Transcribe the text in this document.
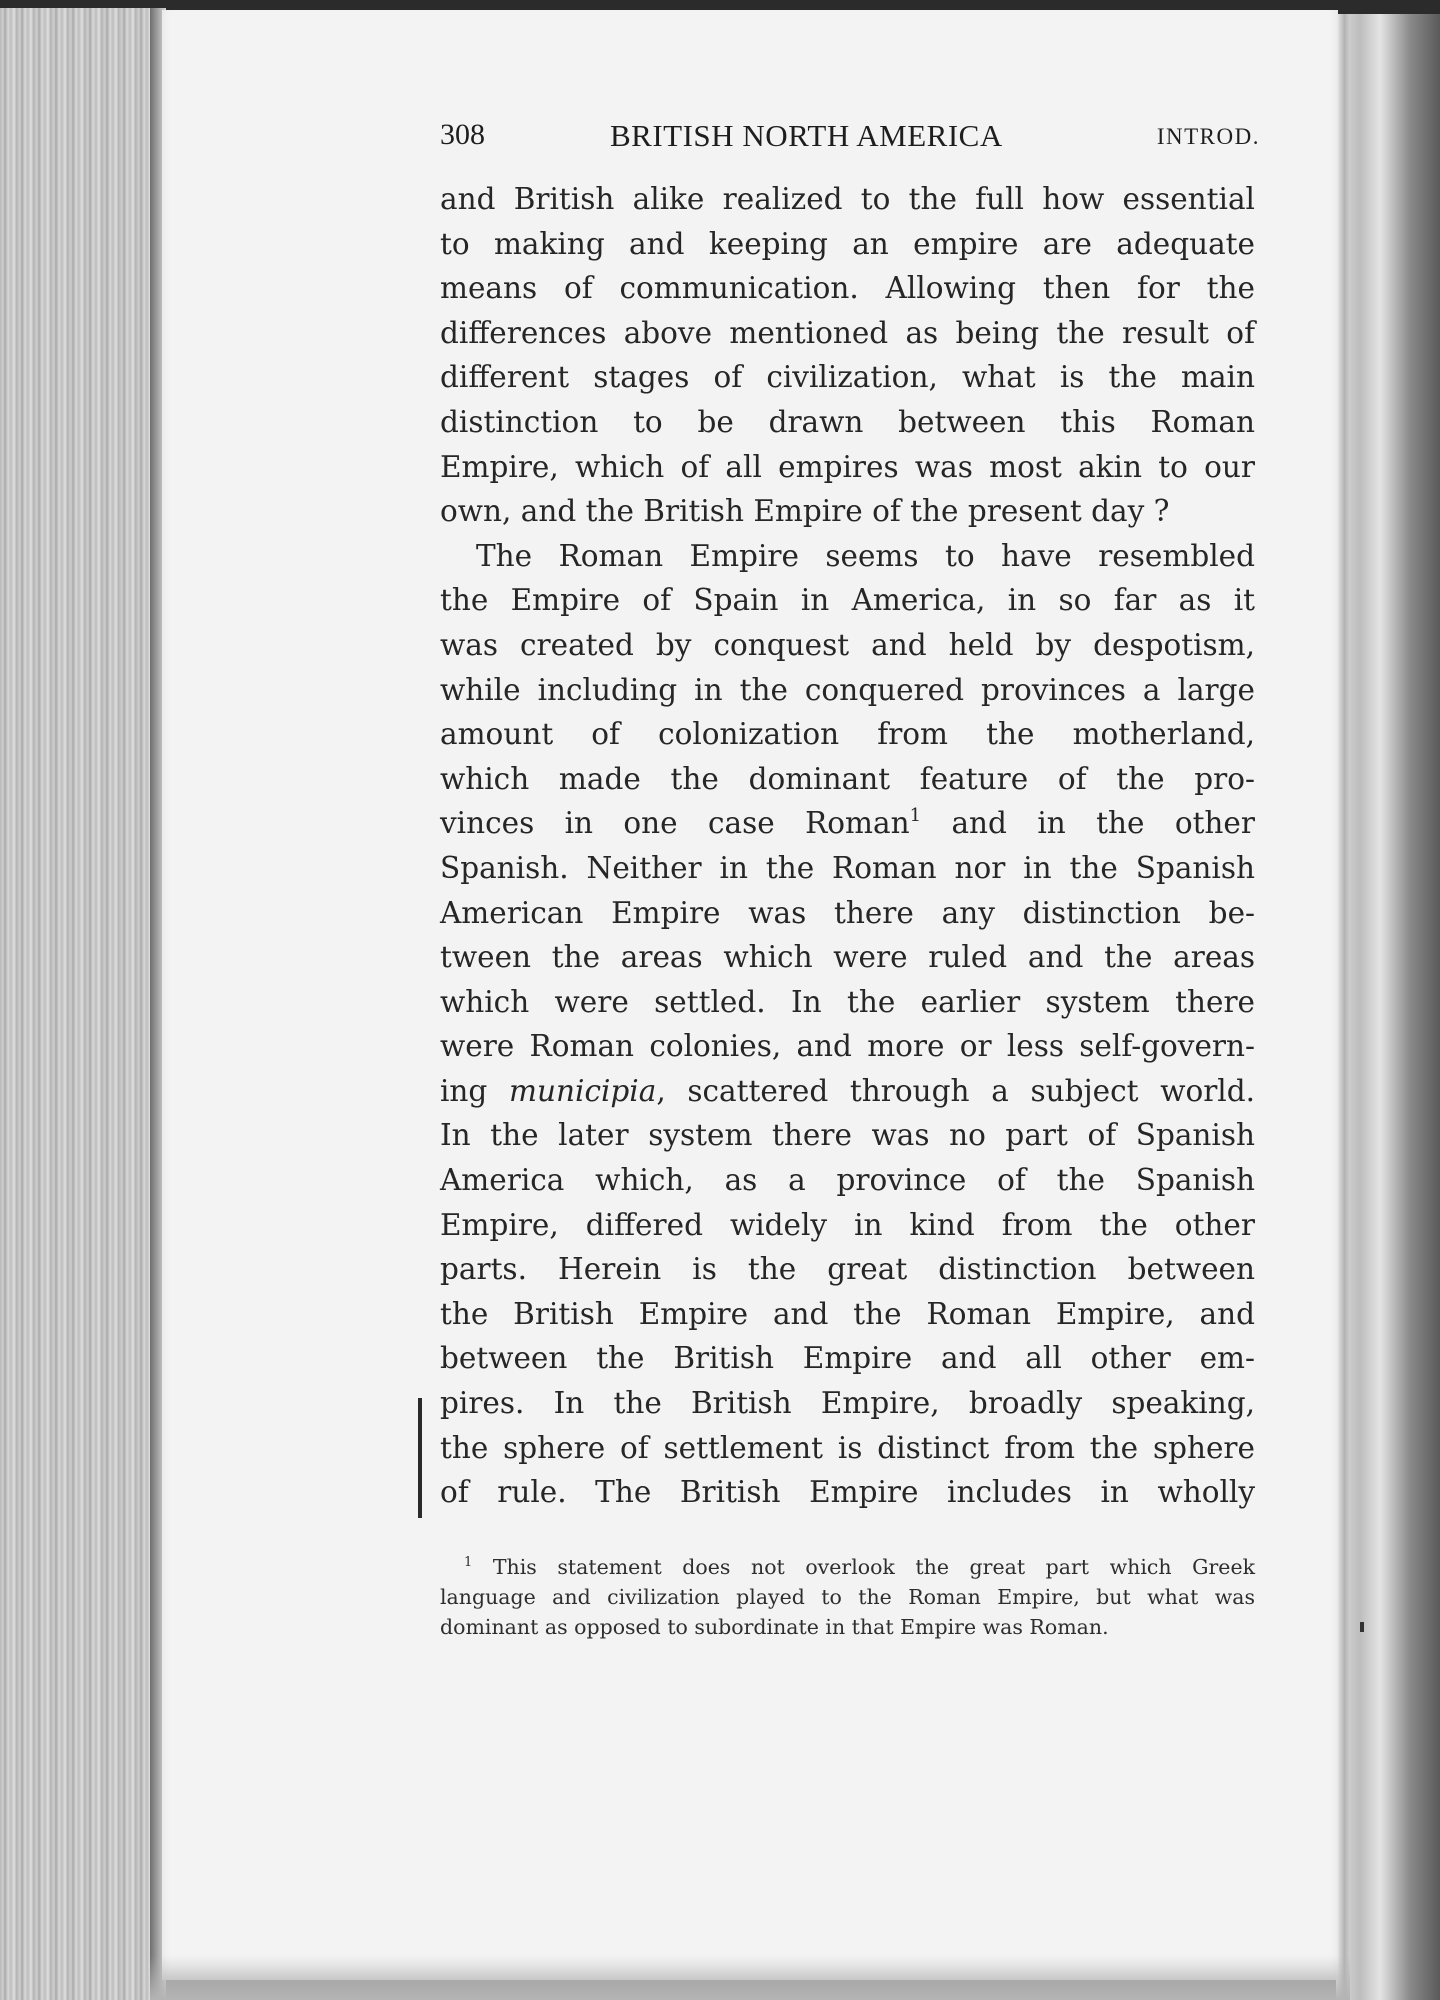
308	BRITISH NORTH AMERICA	INTROD.
and British alike realized to the full how essential
to making and keeping an empire are adequate
means of communication. Allowing then for the
differences above mentioned as being the result of
different stages of civilization, what is the main
distinction to be drawn between this Roman
Empire, which of all empires was most akin to our
own, and the British Empire of the present day ?
The Roman Empire seems to have resembled
the Empire of Spain in America, in so far as it
was created by conquest and held by despotism,
while including in the conquered provinces a large
amount of colonization from the motherland,
which made the dominant feature of the pro-
vinces in one case Roman$^1$ and in the other
Spanish. Neither in the Roman nor in the Spanish
American Empire was there any distinction be-
tween the areas which were ruled and the areas
which were settled. In the earlier system there
were Roman colonies, and more or less self-govern-
ing municipia, scattered through a subject world.
In the later system there was no part of Spanish
America which, as a province of the Spanish
Empire, differed widely in kind from the other
parts. Herein is the great distinction between
the British Empire and the Roman Empire, and
between the British Empire and all other em-
pires. In the British Empire, broadly speaking,
the sphere of settlement is distinct from the sphere
of rule. The British Empire includes in wholly
$^1$ This statement does not overlook the great part which Greek
language and civilization played to the Roman Empire, but what was
dominant as opposed to subordinate in that Empire was Roman.
